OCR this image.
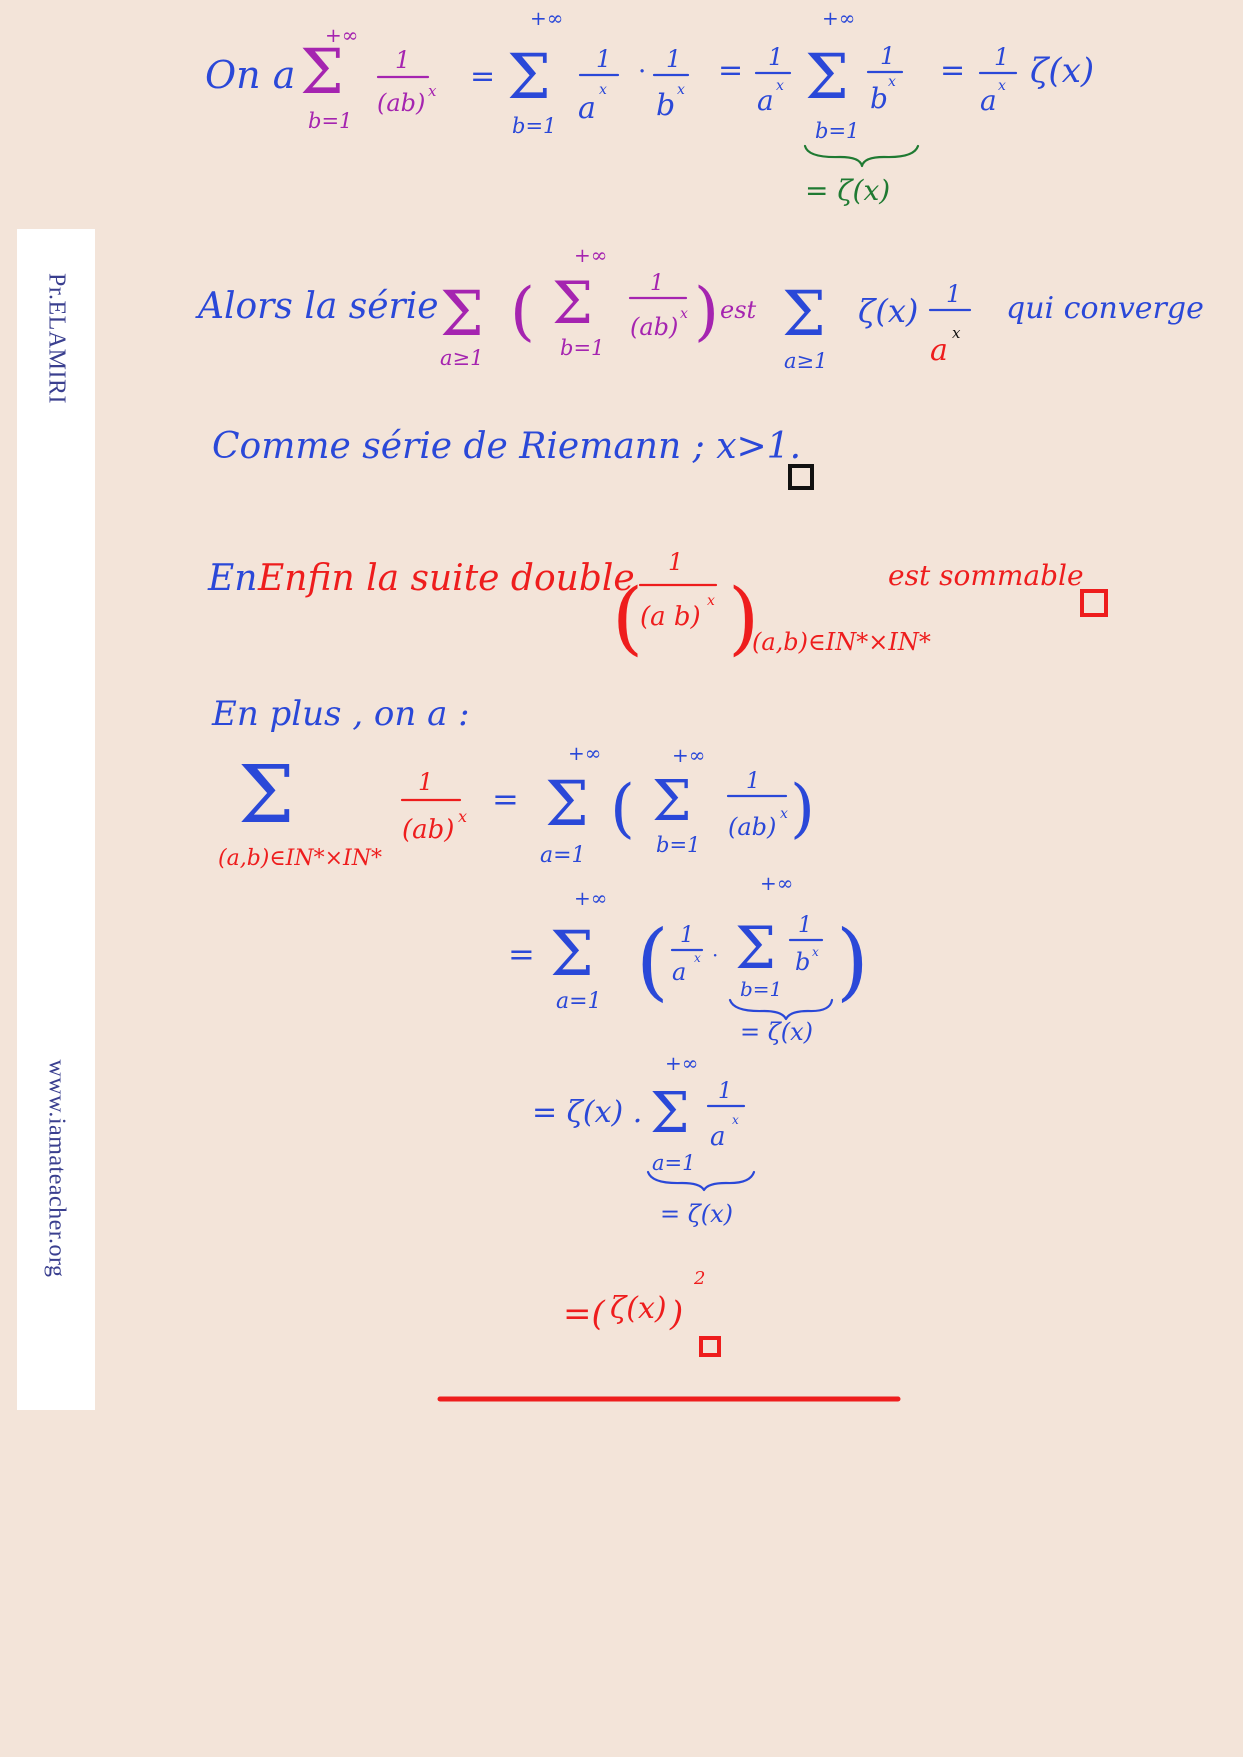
Pr.ELAMIRI
www.iamateacher.org
On a
+∞
Σ
b=1
1
(ab) x =
+∞
Σ
b=1
1
a
x
· 1
b x
= 1
a x
+∞
Σ
b=1
1
b x
= ζ(x)
= 1
a x ζ(x)
Alors la série Σ
a≥1
(
+∞
Σ
b=1
1
(ab) x ) est Σ
a≥1
ζ(x) 1
a x
qui converge
Comme série de Riemann ; x>1.
En Enfin la suite double
(
1
(a b)
x )
(a,b)∈IN*×IN*
est sommable
En plus , on a :
Σ
(a,b)∈IN*×IN*
1
(ab) x =
+∞
Σ
a=1
(
+∞
Σ
b=1
1
(ab) x )
=
+∞
Σ
a=1 ( 1
a x ·
+∞
Σ
b=1
1
b x )
= ζ(x)
= ζ(x) .
+∞
Σ
a=1
1
a
x
= ζ(x)
=( ζ(x) )
2
